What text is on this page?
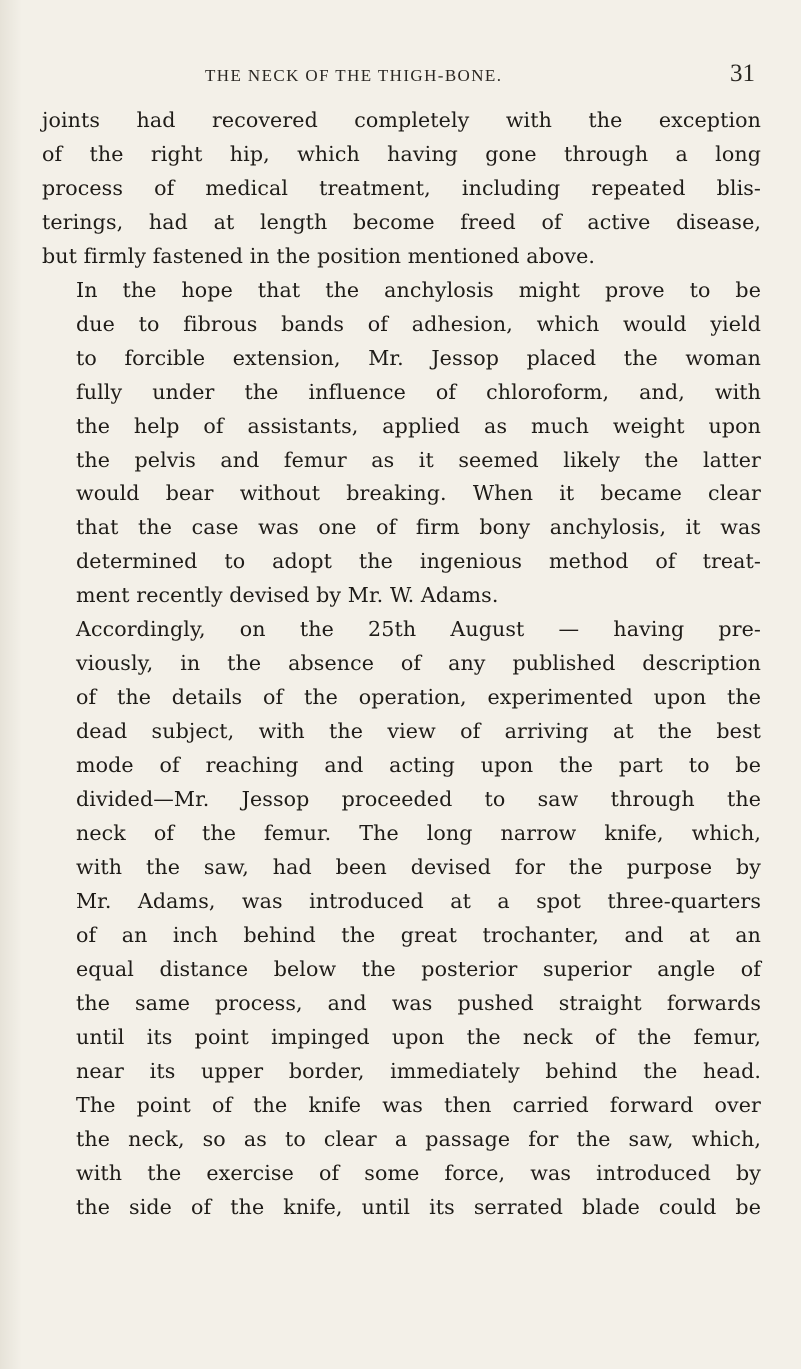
THE NECK OF THE THIGH-BONE.	31

joints had recovered completely with the exception
of the right hip, which having gone through a long
process of medical treatment, including repeated blis-
terings, had at length become freed of active disease,
but firmly fastened in the position mentioned above.

In the hope that the anchylosis might prove to be
due to fibrous bands of adhesion, which would yield
to forcible extension, Mr. Jessop placed the woman
fully under the influence of chloroform, and, with
the help of assistants, applied as much weight upon
the pelvis and femur as it seemed likely the latter
would bear without breaking. When it became clear
that the case was one of firm bony anchylosis, it was
determined to adopt the ingenious method of treat-
ment recently devised by Mr. W. Adams.

Accordingly, on the 25th August — having pre-
viously, in the absence of any published description
of the details of the operation, experimented upon the
dead subject, with the view of arriving at the best
mode of reaching and acting upon the part to be
divided—Mr. Jessop proceeded to saw through the
neck of the femur. The long narrow knife, which,
with the saw, had been devised for the purpose by
Mr. Adams, was introduced at a spot three-quarters
of an inch behind the great trochanter, and at an
equal distance below the posterior superior angle of
the same process, and was pushed straight forwards
until its point impinged upon the neck of the femur,
near its upper border, immediately behind the head.
The point of the knife was then carried forward over
the neck, so as to clear a passage for the saw, which,
with the exercise of some force, was introduced by
the side of the knife, until its serrated blade could be
